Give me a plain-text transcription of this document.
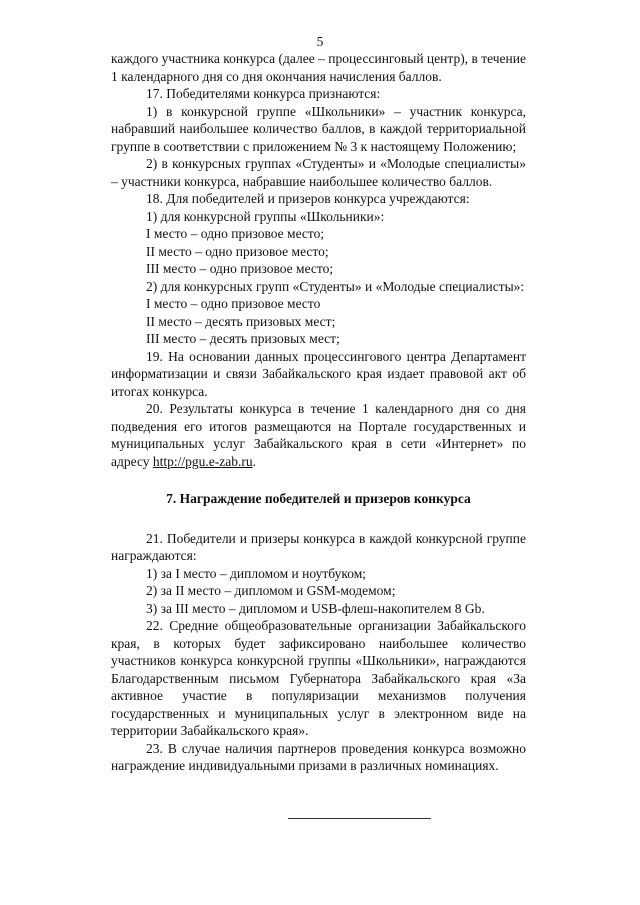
5

каждого участника конкурса (далее – процессинговый центр), в течение 1 календарного дня со дня окончания начисления баллов.

17. Победителями конкурса признаются:

1) в конкурсной группе «Школьники» – участник конкурса, набравший наибольшее количество баллов, в каждой территориальной группе в соответствии с приложением № 3 к настоящему Положению;

2) в конкурсных группах «Студенты» и «Молодые специалисты» – участники конкурса, набравшие наибольшее количество баллов.

18. Для победителей и призеров конкурса учреждаются:

1) для конкурсной группы «Школьники»:

I место – одно призовое место;

II место – одно призовое место;

III место – одно призовое место;

2) для конкурсных групп «Студенты» и «Молодые специалисты»:

I место – одно призовое место

II место – десять призовых мест;

III место – десять призовых мест;

19. На основании данных процессингового центра Департамент информатизации и связи Забайкальского края издает правовой акт об итогах конкурса.

20. Результаты конкурса в течение 1 календарного дня со дня подведения его итогов размещаются на Портале государственных и муниципальных услуг Забайкальского края в сети «Интернет» по адресу http://pgu.e-zab.ru.

7. Награждение победителей и призеров конкурса

21. Победители и призеры конкурса в каждой конкурсной группе награждаются:

1) за I место – дипломом и ноутбуком;

2) за II место – дипломом и GSM-модемом;

3) за III место – дипломом и USB-флеш-накопителем 8 Gb.

22. Средние общеобразовательные организации Забайкальского края, в которых будет зафиксировано наибольшее количество участников конкурса конкурсной группы «Школьники», награждаются Благодарственным письмом Губернатора Забайкальского края «За активное участие в популяризации механизмов получения государственных и муниципальных услуг в электронном виде на территории Забайкальского края».

23. В случае наличия партнеров проведения конкурса возможно награждение индивидуальными призами в различных номинациях.
